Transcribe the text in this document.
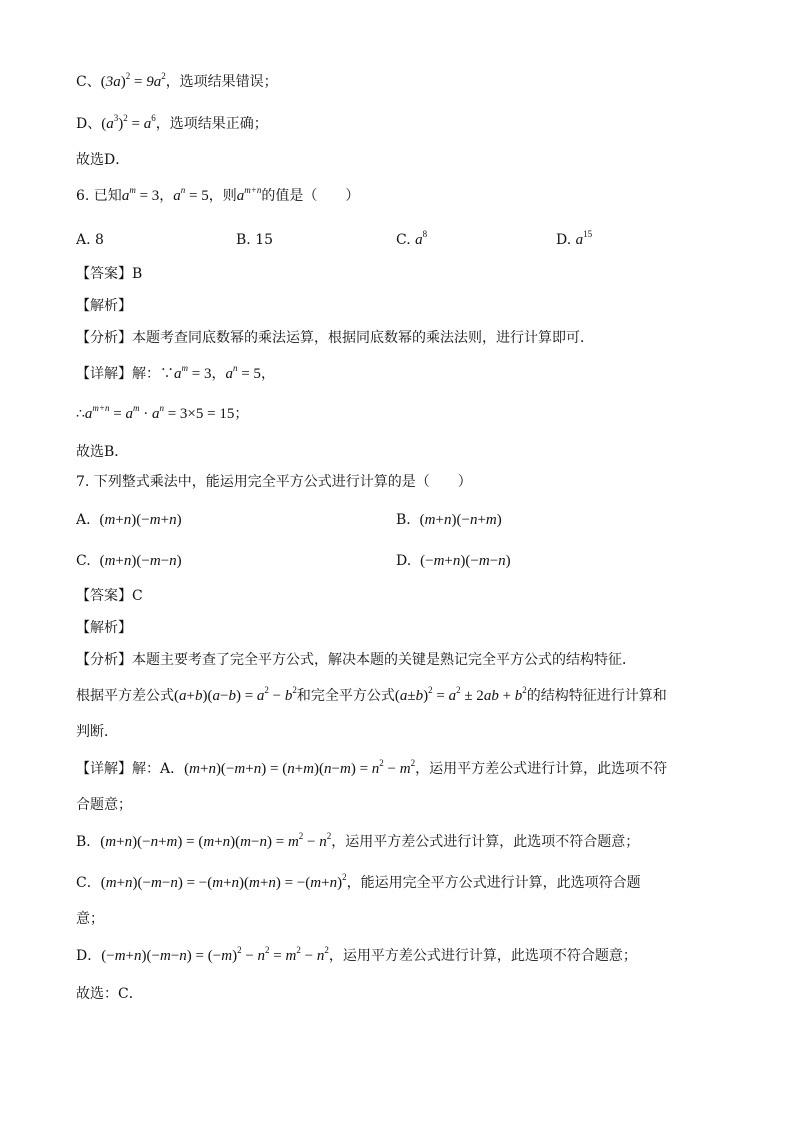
C、$(3a)^2 = 9a^2$，选项结果错误；
D、$(a^3)^2 = a^6$，选项结果正确；
故选D．
6. 已知$a^m = 3$，$a^n = 5$，则$a^{m+n}$的值是（　　）
A. 8	B. 15	C. $a^8$	D. $a^{15}$
【答案】B
【解析】
【分析】本题考查同底数幂的乘法运算，根据同底数幂的乘法法则，进行计算即可．
【详解】解：$\because a^m = 3$，$a^n = 5$，
$\therefore a^{m+n} = a^m \cdot a^n = 3\times 5 = 15$；
故选B．
7. 下列整式乘法中，能运用完全平方公式进行计算的是（　　）
A. (m+n)(−m+n)	B. (m+n)(−n+m)
C. (m+n)(−m−n)	D. (−m+n)(−m−n)
【答案】C
【解析】
【分析】本题主要考查了完全平方公式，解决本题的关键是熟记完全平方公式的结构特征．
根据平方差公式$(a+b)(a-b) = a^2 - b^2$和完全平方公式$(a\pm b)^2 = a^2 \pm 2ab + b^2$的结构特征进行计算和
判断．
【详解】解：A．$(m+n)(-m+n) = (n+m)(n-m) = n^2 - m^2$，运用平方差公式进行计算，此选项不符
合题意；
B．$(m+n)(-n+m) = (m+n)(m-n) = m^2 - n^2$，运用平方差公式进行计算，此选项不符合题意；
C．$(m+n)(-m-n) = -(m+n)(m+n) = -(m+n)^2$，能运用完全平方公式进行计算，此选项符合题
意；
D．$(-m+n)(-m-n) = (-m)^2 - n^2 = m^2 - n^2$，运用平方差公式进行计算，此选项不符合题意；
故选：C．
